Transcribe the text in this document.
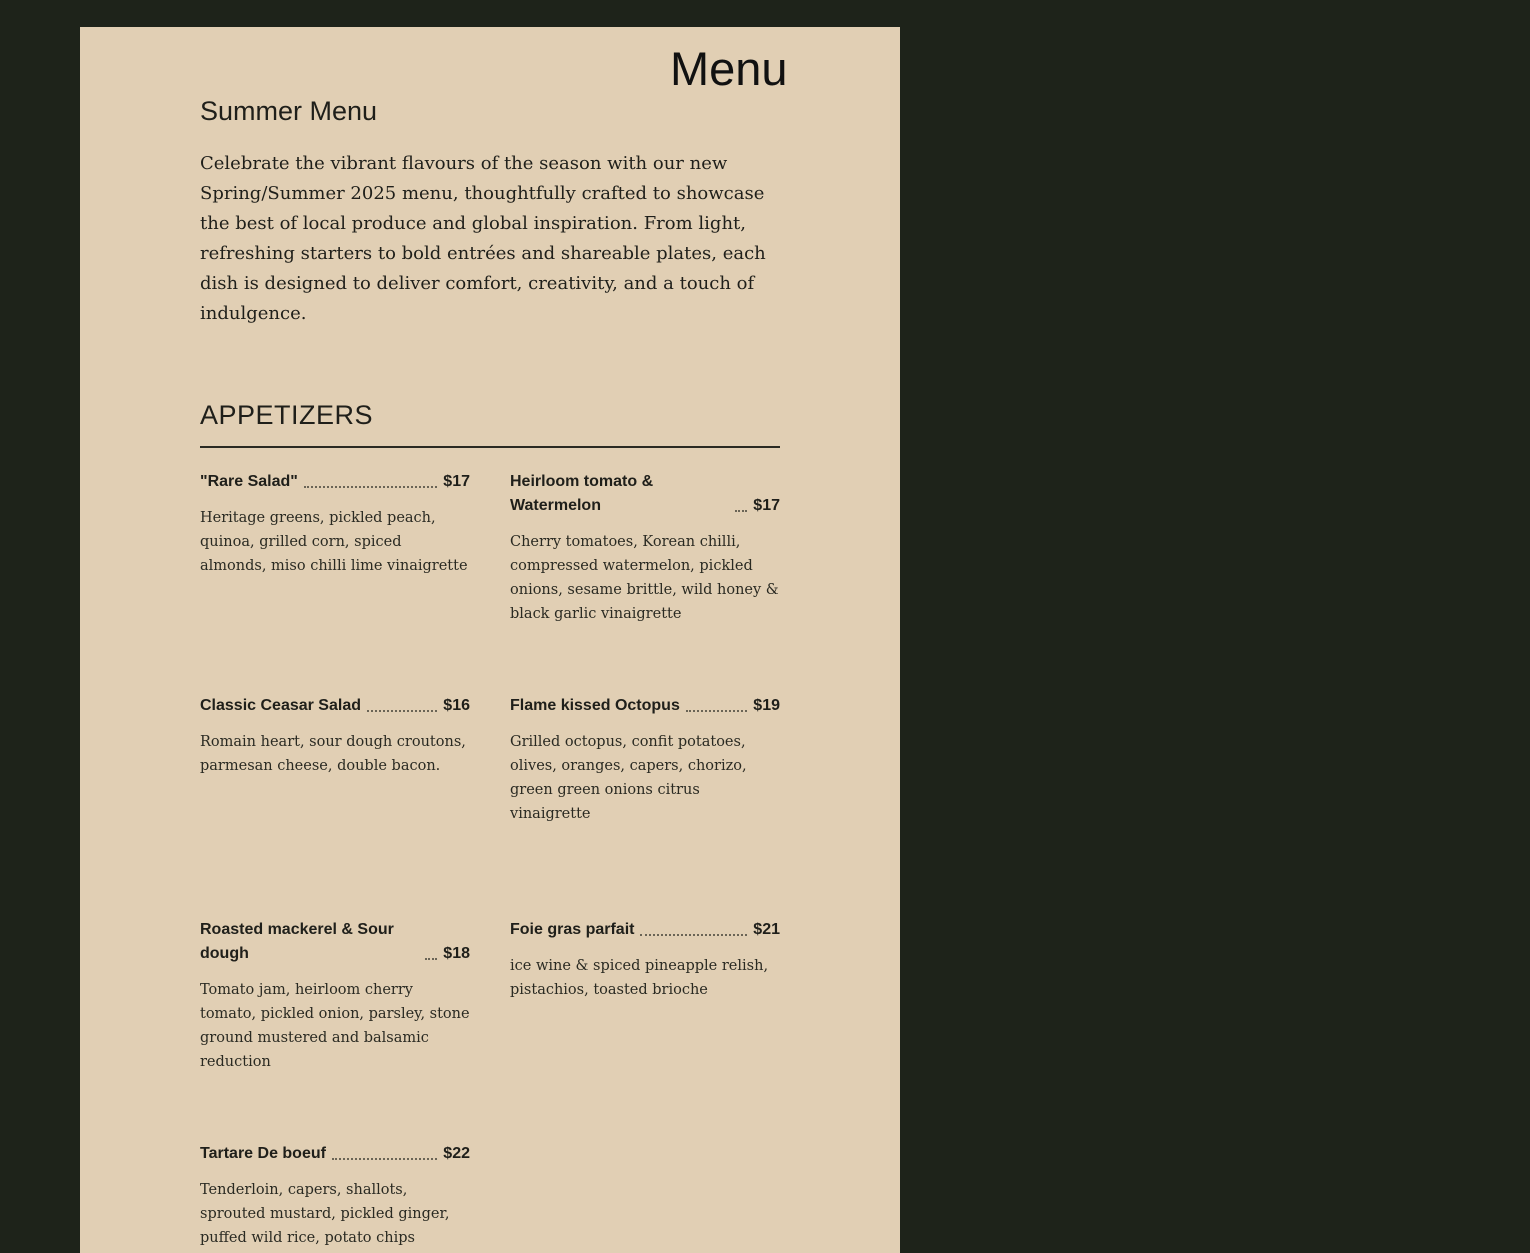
Menu
Summer Menu

Celebrate the vibrant flavours of the season with our new Spring/Summer 2025 menu, thoughtfully crafted to showcase the best of local produce and global inspiration. From light, refreshing starters to bold entrées and shareable plates, each dish is designed to deliver comfort, creativity, and a touch of indulgence.

APPETIZERS
"Rare Salad"	$17
Heritage greens, pickled peach, quinoa, grilled corn, spiced almonds, miso chilli lime vinaigrette
Heirloom tomato & Watermelon	$17
Cherry tomatoes, Korean chilli, compressed watermelon, pickled onions, sesame brittle, wild honey & black garlic vinaigrette
Classic Ceasar Salad	$16
Romain heart, sour dough croutons, parmesan cheese, double bacon.
Flame kissed Octopus	$19
Grilled octopus, confit potatoes, olives, oranges, capers, chorizo, green green onions citrus vinaigrette
Roasted mackerel & Sour dough	$18
Tomato jam, heirloom cherry tomato, pickled onion, parsley, stone ground mustered and balsamic reduction
Foie gras parfait	$21
ice wine & spiced pineapple relish, pistachios, toasted brioche
Tartare De boeuf	$22
Tenderloin, capers, shallots, sprouted mustard, pickled ginger, puffed wild rice, potato chips
